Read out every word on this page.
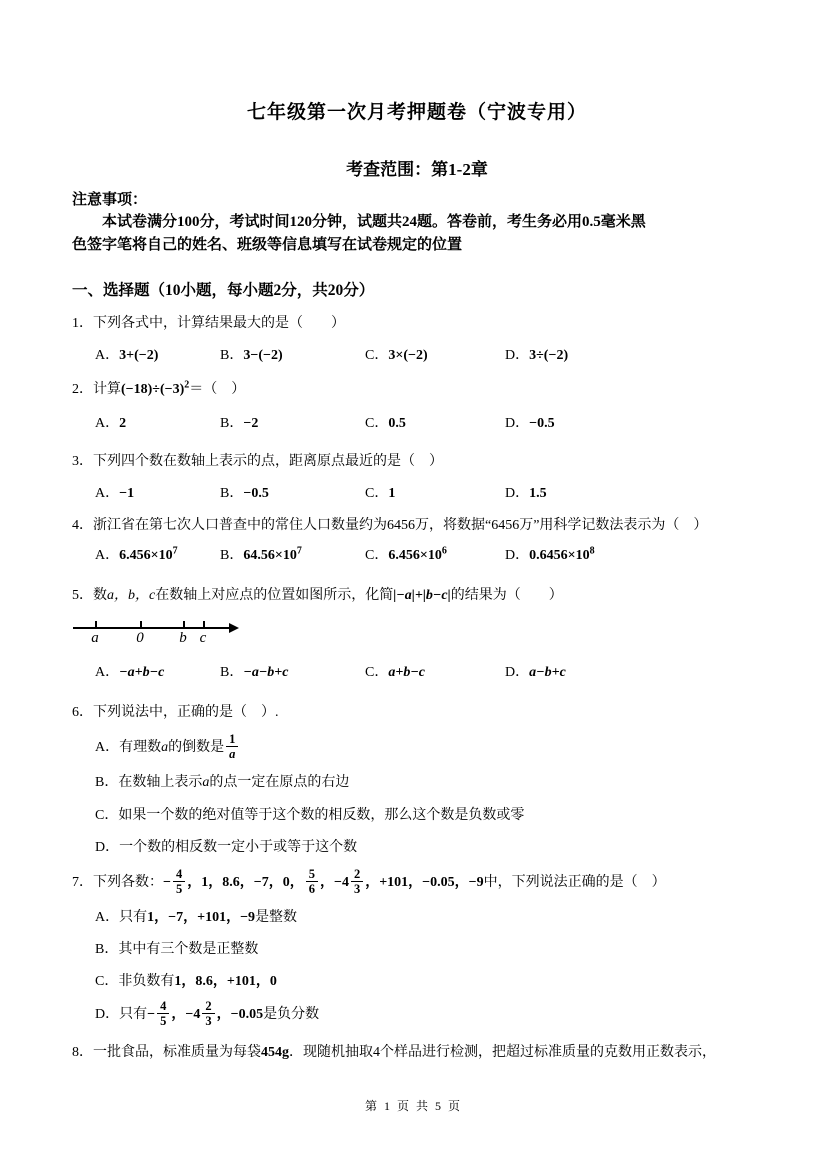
七年级第一次月考押题卷（宁波专用）
考查范围：第1-2章
注意事项：

本试卷满分100分，考试时间120分钟，试题共24题。答卷前，考生务必用0.5毫米黑

色签字笔将自己的姓名、班级等信息填写在试卷规定的位置

一、选择题（10小题，每小题2分，共20分）
1．下列各式中，计算结果最大的是（　　）
A．3+(−2)	B．3−(−2)	C．3×(−2)	D．3÷(−2)
2．计算$(-18)\div(-3)^2=$（　）
A．2	B．−2	C．0.5	D．−0.5
3．下列四个数在数轴上表示的点，距离原点最近的是（　）
A．−1	B．−0.5	C．1	D．1.5
4．浙江省在第七次人口普查中的常住人口数量约为6456万，将数据“6456万”用科学记数法表示为（　）
A．$6.456\times 10^7$	B．$64.56\times 10^7$	C．$6.456\times 10^6$	D．$0.6456\times 10^8$
5．数a，b，c在数轴上对应点的位置如图所示，化简|−a|+|b−c|的结果为（　　）
a	0 b c
A．−a+b−c	B．−a−b+c	C．a+b−c	D．a−b+c
6．下列说法中，正确的是（　）.
A．有理数a的倒数是 $\frac{1}{a}$
B．在数轴上表示a的点一定在原点的右边
C．如果一个数的绝对值等于这个数的相反数，那么这个数是负数或零
D．一个数的相反数一定小于或等于这个数
7．下列各数：− $\frac{4}{5}$ ，1，8.6，−7，0， $\frac{5}{6}$ ，$-4 \frac{2}{3}$ ，+101，−0.05，−9中，下列说法正确的是（　）
A．只有1，−7，+101，−9是整数
B．其中有三个数是正整数
C．非负数有1，8.6，+101，0
D．只有− $\frac{4}{5}$ ，$-4 \frac{2}{3}$ ，−0.05是负分数
8．一批食品，标准质量为每袋454g．现随机抽取4个样品进行检测，把超过标准质量的克数用正数表示，
第 1 页 共 5 页
